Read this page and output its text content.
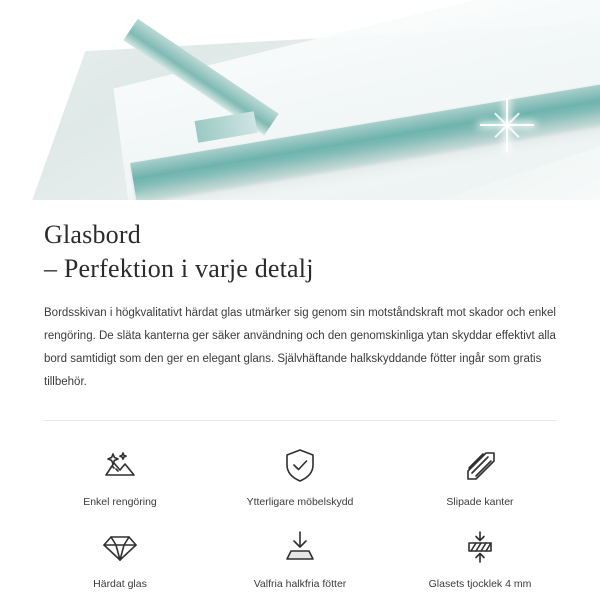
Glasbord
– Perfektion i varje detalj

Bordsskivan i högkvalitativt härdat glas utmärker sig genom sin motståndskraft mot skador och enkel rengöring. De släta kanterna ger säker användning och den genomskinliga ytan skyddar effektivt alla bord samtidigt som den ger en elegant glans. Självhäftande halkskyddande fötter ingår som gratis tillbehör.

Enkel rengöring	Ytterligare möbelskydd	Slipade kanter
Härdat glas	Valfria halkfria fötter	Glasets tjocklek 4 mm
